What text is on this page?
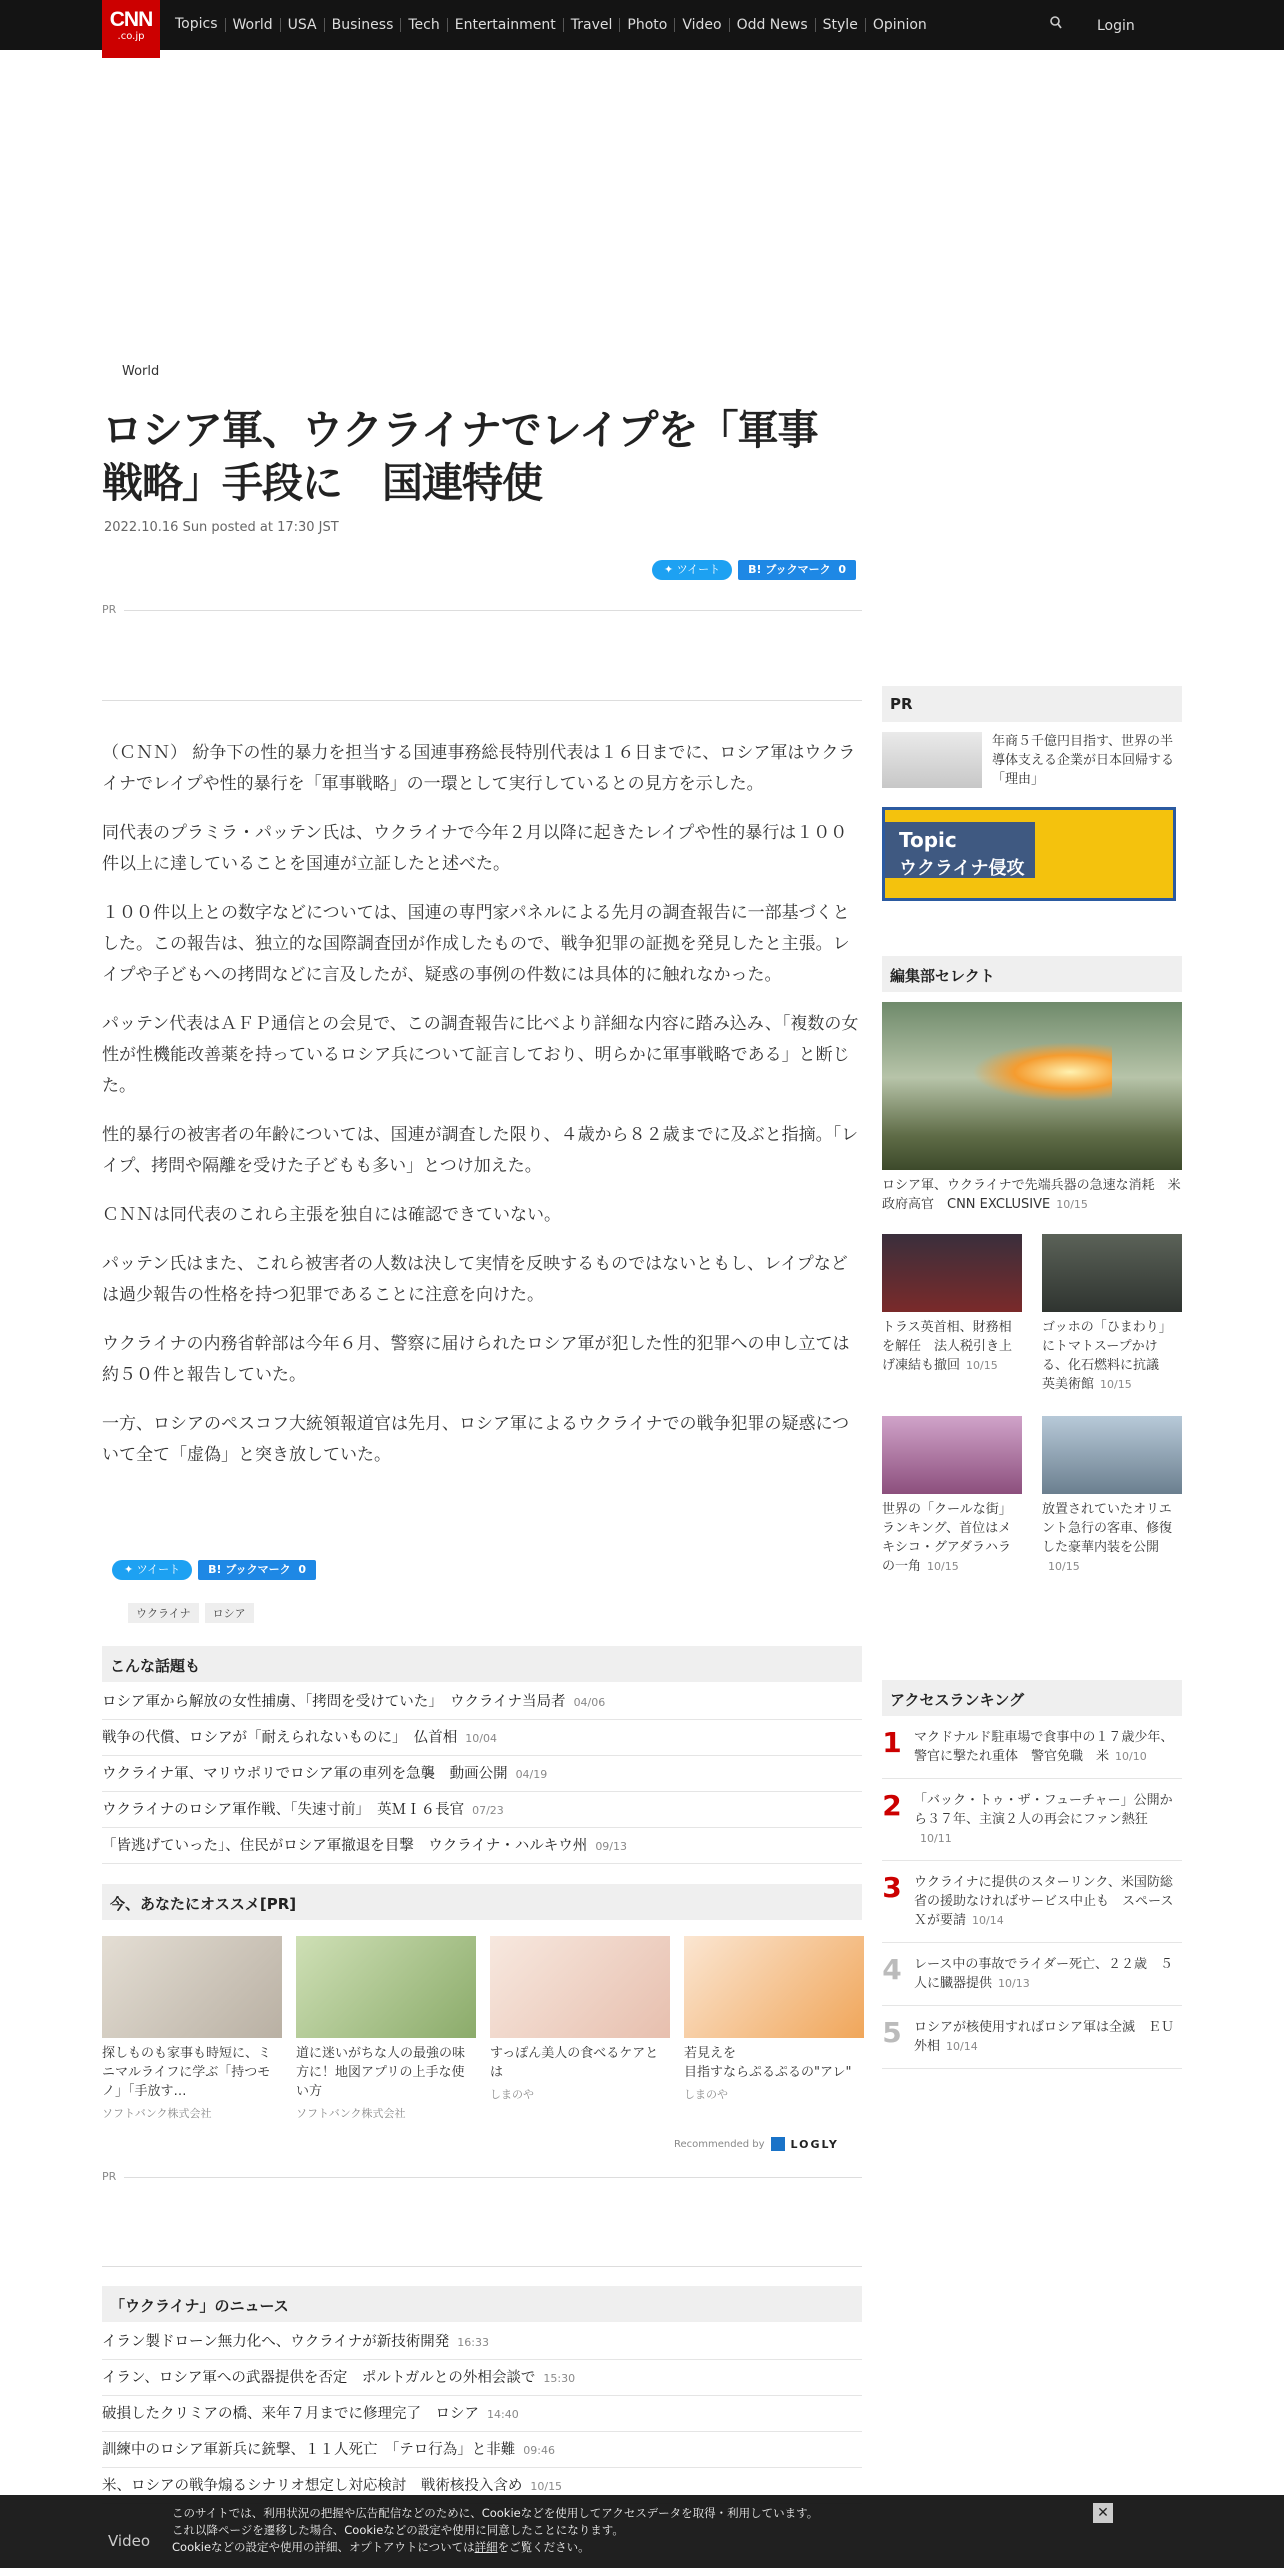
CNN
.co.jp
Topics	World	USA	Business	Tech	Entertainment	Travel	Photo	Video	Odd News	Style	Opinion	Login
World
ロシア軍、ウクライナでレイプを「軍事
戦略」手段に　国連特使
2022.10.16 Sun posted at 17:30 JST
✦ ツイート	B! ブックマーク 0
PR

（ＣＮＮ） 紛争下の性的暴力を担当する国連事務総長特別代表は１６日までに、ロシア軍はウクライナでレイプや性的暴行を「軍事戦略」の一環として実行しているとの見方を示した。

同代表のプラミラ・パッテン氏は、ウクライナで今年２月以降に起きたレイプや性的暴行は１００件以上に達していることを国連が立証したと述べた。

１００件以上との数字などについては、国連の専門家パネルによる先月の調査報告に一部基づくとした。この報告は、独立的な国際調査団が作成したもので、戦争犯罪の証拠を発見したと主張。レイプや子どもへの拷問などに言及したが、疑惑の事例の件数には具体的に触れなかった。

パッテン代表はＡＦＰ通信との会見で、この調査報告に比べより詳細な内容に踏み込み、「複数の女性が性機能改善薬を持っているロシア兵について証言しており、明らかに軍事戦略である」と断じた。

性的暴行の被害者の年齢については、国連が調査した限り、４歳から８２歳までに及ぶと指摘。「レイプ、拷問や隔離を受けた子どもも多い」とつけ加えた。

ＣＮＮは同代表のこれら主張を独自には確認できていない。

パッテン氏はまた、これら被害者の人数は決して実情を反映するものではないともし、レイプなどは過少報告の性格を持つ犯罪であることに注意を向けた。

ウクライナの内務省幹部は今年６月、警察に届けられたロシア軍が犯した性的犯罪への申し立ては約５０件と報告していた。

一方、ロシアのペスコフ大統領報道官は先月、ロシア軍によるウクライナでの戦争犯罪の疑惑について全て「虚偽」と突き放していた。

✦ ツイート	B! ブックマーク 0
ウクライナ	ロシア
こんな話題も
ロシア軍から解放の女性捕虜、「拷問を受けていた」　ウクライナ当局者 04/06
戦争の代償、ロシアが「耐えられないものに」　仏首相 10/04
ウクライナ軍、マリウポリでロシア軍の車列を急襲　動画公開 04/19
ウクライナのロシア軍作戦、「失速寸前」　英ＭＩ６長官 07/23
「皆逃げていった」、住民がロシア軍撤退を目撃　ウクライナ・ハルキウ州 09/13
今、あなたにオススメ[PR]
探しものも家事も時短に、ミニマルライフに学ぶ「持つモノ」「手放す…
ソフトバンク株式会社
道に迷いがちな人の最強の味方に！地図アプリの上手な使い方
ソフトバンク株式会社
すっぽん美人の食べるケアとは
しまのや
若見えを
目指すならぷるぷるの"アレ"
しまのや
Recommended by LOGLY
PR
「ウクライナ」のニュース
イラン製ドローン無力化へ、ウクライナが新技術開発 16:33
イラン、ロシア軍への武器提供を否定　ポルトガルとの外相会談で 15:30
破損したクリミアの橋、来年７月までに修理完了　ロシア 14:40
訓練中のロシア軍新兵に銃撃、１１人死亡　「テロ行為」と非難 09:46
米、ロシアの戦争煽るシナリオ想定し対応検討　戦術核投入含め 10/15
PR
年商５千億円目指す、世界の半導体支える企業が日本回帰する「理由」
Topic
ウクライナ侵攻
編集部セレクト
ロシア軍、ウクライナで先端兵器の急速な消耗　米政府高官　CNN EXCLUSIVE 10/15
トラス英首相、財務相を解任　法人税引き上げ凍結も撤回 10/15
ゴッホの「ひまわり」にトマトスープかける、化石燃料に抗議　英美術館 10/15
世界の「クールな街」ランキング、首位はメキシコ・グアダラハラの一角 10/15
放置されていたオリエント急行の客車、修復した豪華内装を公開10/15
アクセスランキング
1 マクドナルド駐車場で食事中の１７歳少年、警官に撃たれ重体　警官免職　米 10/10
2 「バック・トゥ・ザ・フューチャー」公開から３７年、主演２人の再会にファン熱狂10/11
3 ウクライナに提供のスターリンク、米国防総省の援助なければサービス中止も　スペースＸが要請 10/14
4 レース中の事故でライダー死亡、２２歳　５人に臓器提供 10/13
5 ロシアが核使用すればロシア軍は全滅　ＥＵ外相 10/14
このサイトでは、利用状況の把握や広告配信などのために、Cookieなどを使用してアクセスデータを取得・利用しています。
これ以降ページを遷移した場合、Cookieなどの設定や使用に同意したことになります。
Cookieなどの設定や使用の詳細、オプトアウトについては詳細をご覧ください。
✕
Video
